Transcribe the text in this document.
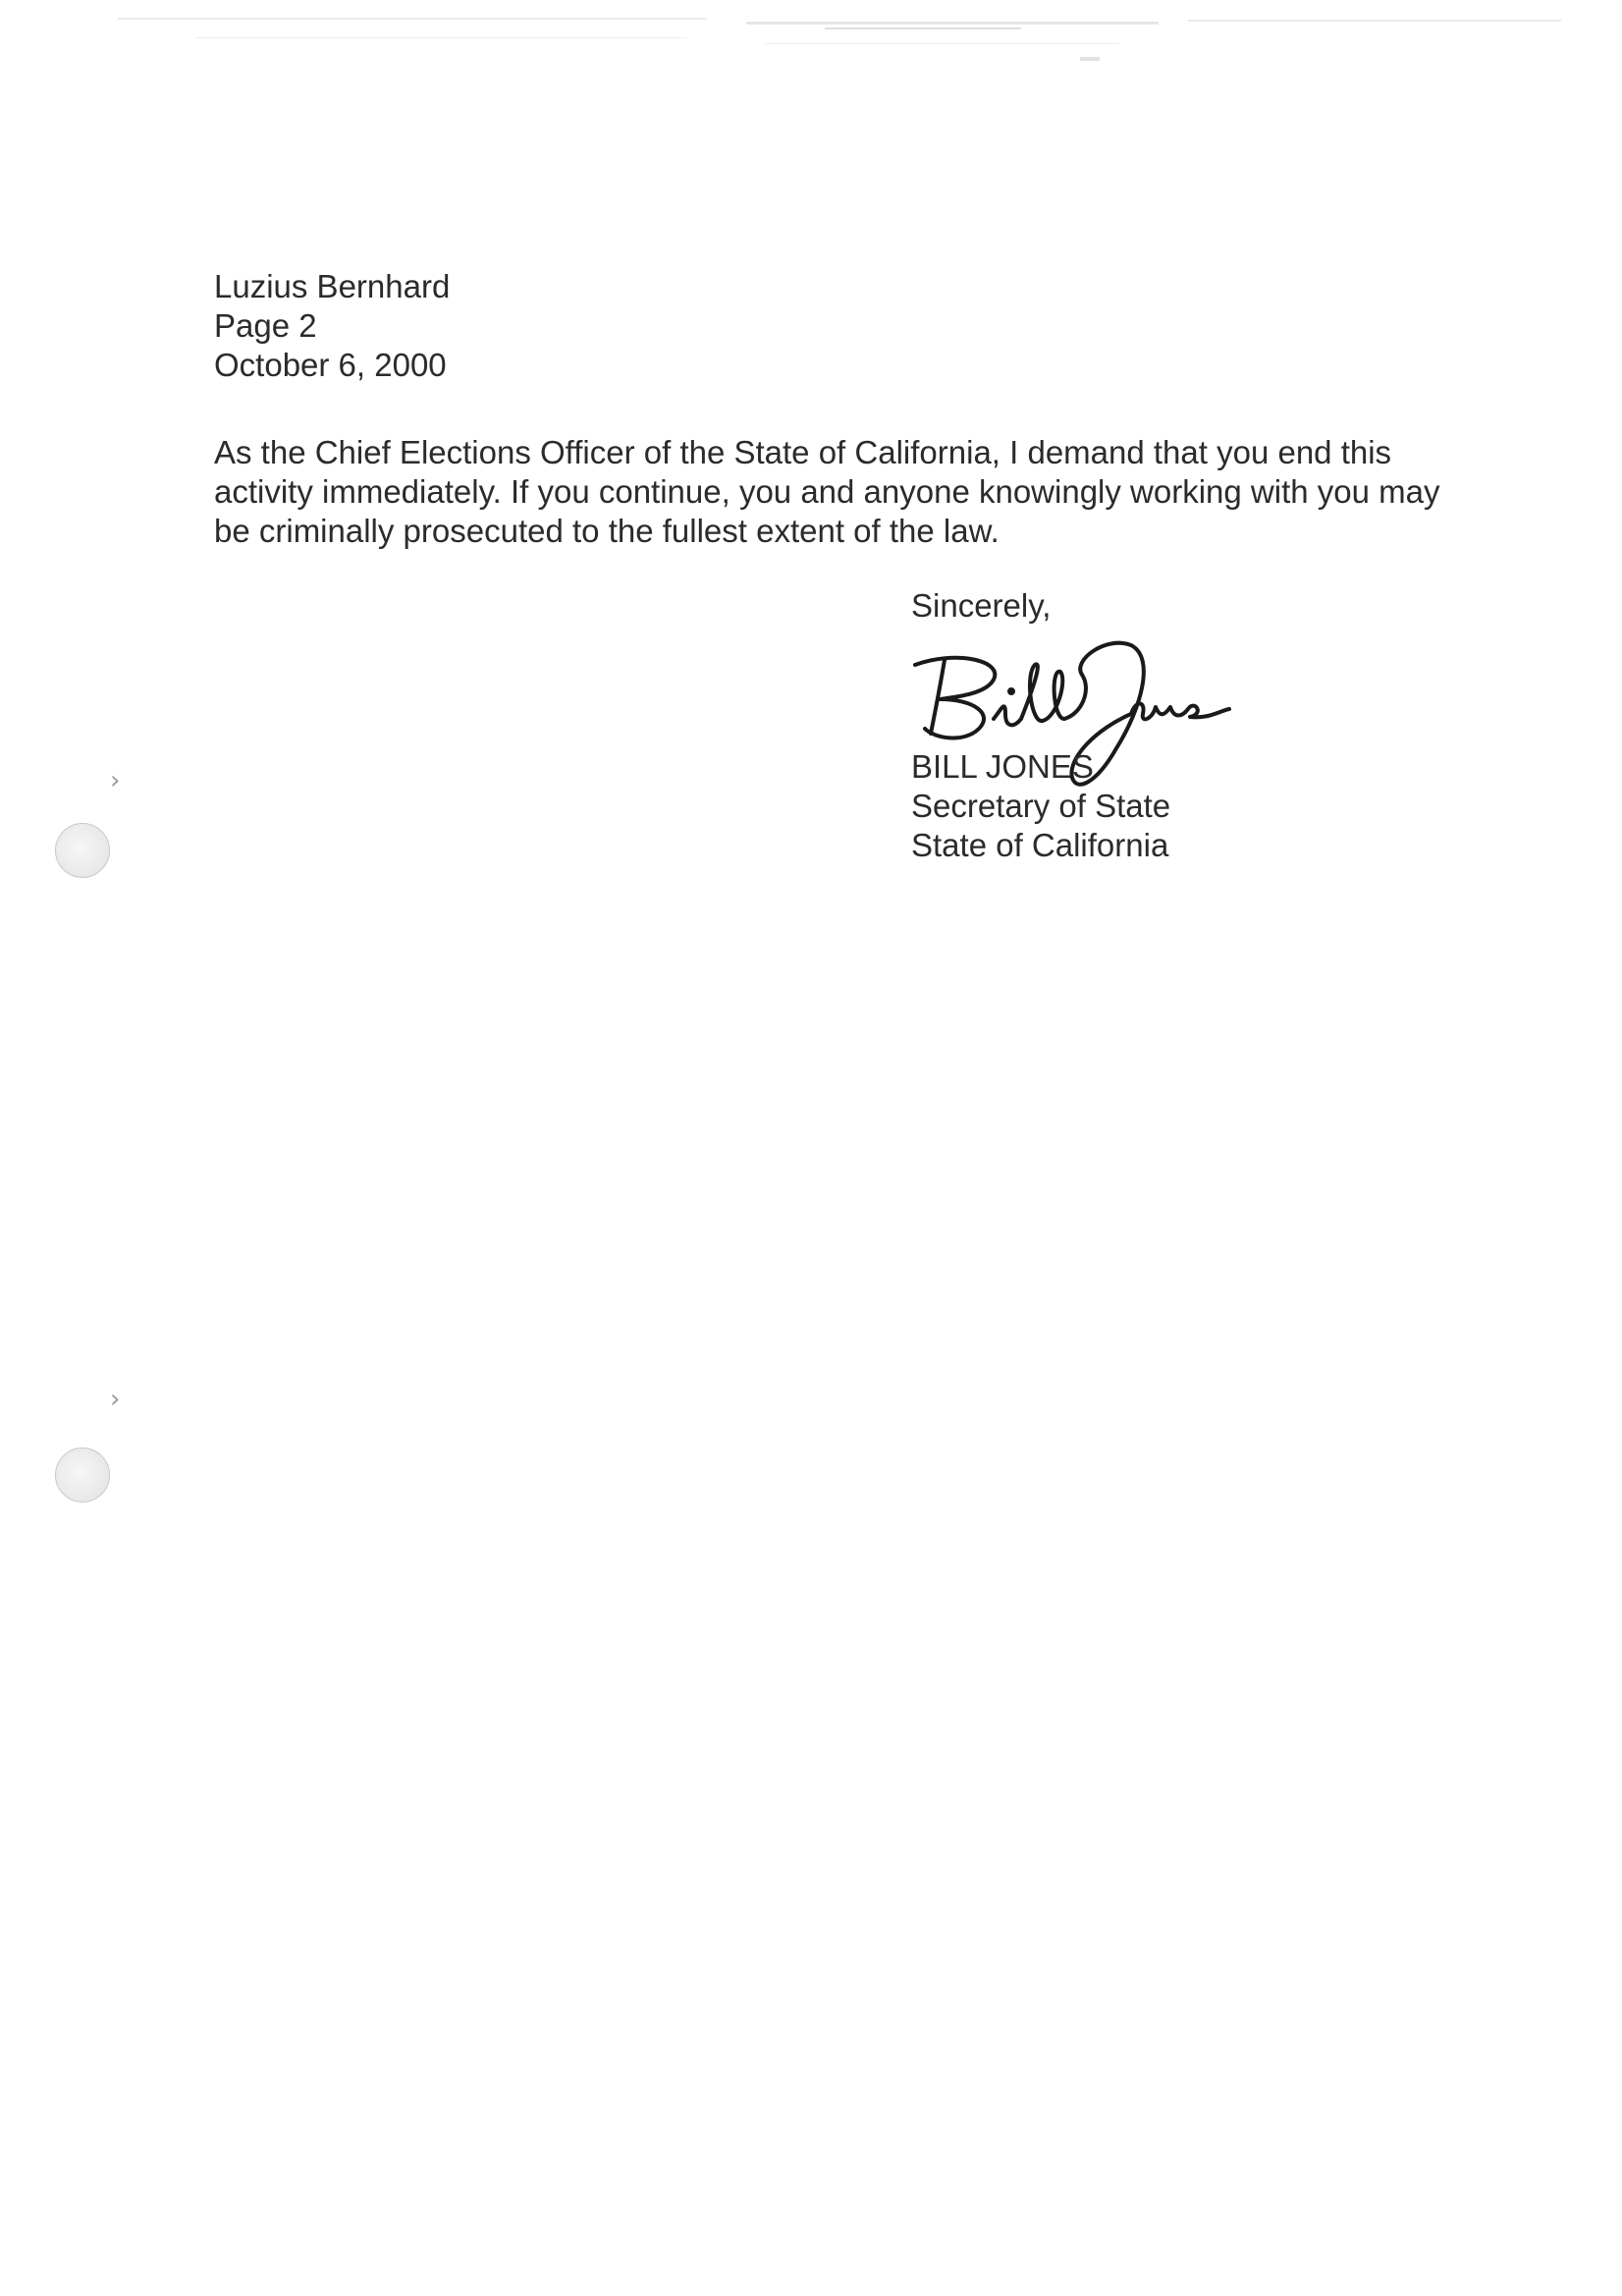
Luzius Bernhard
Page 2
October 6, 2000
As the Chief Elections Officer of the State of California, I demand that you end this
activity immediately. If you continue, you and anyone knowingly working with you may
be criminally prosecuted to the fullest extent of the law.
Sincerely,
BILL JONES
Secretary of State
State of California
›
›
